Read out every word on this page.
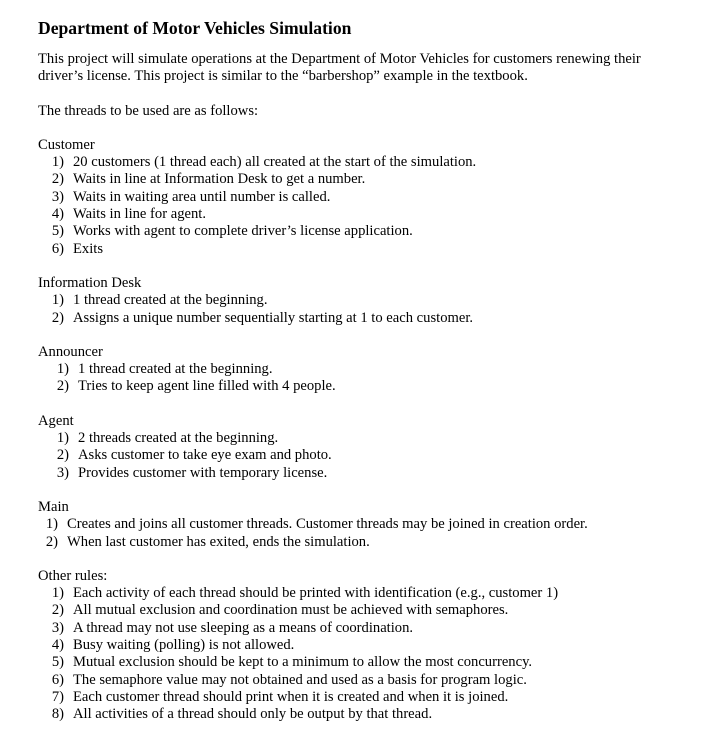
Department of Motor Vehicles Simulation

This project will simulate operations at the Department of Motor Vehicles for customers renewing their driver’s license. This project is similar to the “barbershop” example in the textbook.

The threads to be used are as follows:

Customer

1) 20 customers (1 thread each) all created at the start of the simulation.
2) Waits in line at Information Desk to get a number.
3) Waits in waiting area until number is called.
4) Waits in line for agent.
5) Works with agent to complete driver’s license application.
6) Exits

Information Desk

1) 1 thread created at the beginning.
2) Assigns a unique number sequentially starting at 1 to each customer.

Announcer

1) 1 thread created at the beginning.
2) Tries to keep agent line filled with 4 people.

Agent

1) 2 threads created at the beginning.
2) Asks customer to take eye exam and photo.
3) Provides customer with temporary license.

Main

1) Creates and joins all customer threads. Customer threads may be joined in creation order.
2) When last customer has exited, ends the simulation.

Other rules:

1) Each activity of each thread should be printed with identification (e.g., customer 1)
2) All mutual exclusion and coordination must be achieved with semaphores.
3) A thread may not use sleeping as a means of coordination.
4) Busy waiting (polling) is not allowed.
5) Mutual exclusion should be kept to a minimum to allow the most concurrency.
6) The semaphore value may not obtained and used as a basis for program logic.
7) Each customer thread should print when it is created and when it is joined.
8) All activities of a thread should only be output by that thread.
